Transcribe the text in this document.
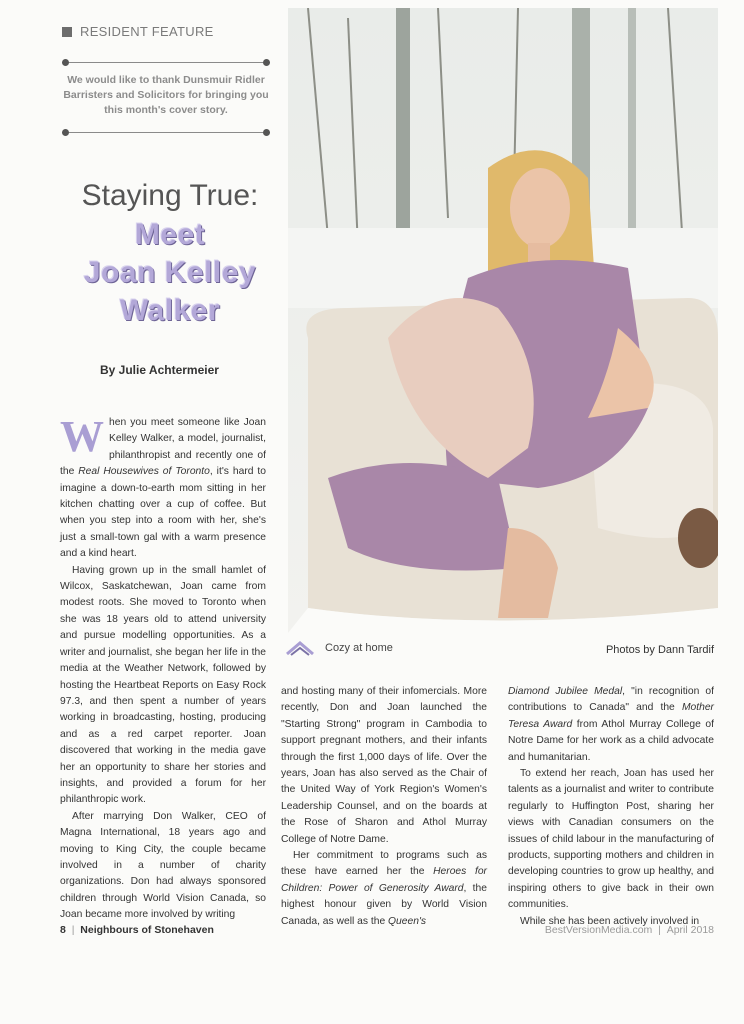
RESIDENT FEATURE
We would like to thank Dunsmuir Ridler Barristers and Solicitors for bringing you this month's cover story.
Staying True:
Meet
Joan Kelley
Walker
By Julie Achtermeier

When you meet someone like Joan Kelley Walker, a model, journalist, philanthropist and recently one of the Real Housewives of Toronto, it's hard to imagine a down-to-earth mom sitting in her kitchen chatting over a cup of coffee. But when you step into a room with her, she's just a small-town gal with a warm presence and a kind heart.

Having grown up in the small hamlet of Wilcox, Saskatchewan, Joan came from modest roots. She moved to Toronto when she was 18 years old to attend university and pursue modelling opportunities. As a writer and journalist, she began her life in the media at the Weather Network, followed by hosting the Heartbeat Reports on Easy Rock 97.3, and then spent a number of years working in broadcasting, hosting, producing and as a red carpet reporter. Joan discovered that working in the media gave her an opportunity to share her stories and insights, and provided a forum for her philanthropic work.

After marrying Don Walker, CEO of Magna International, 18 years ago and moving to King City, the couple became involved in a number of charity organizations. Don had always sponsored children through World Vision Canada, so Joan became more involved by writing

Cozy at home	Photos by Dann Tardif

and hosting many of their infomercials. More recently, Don and Joan launched the "Starting Strong" program in Cambodia to support pregnant mothers, and their infants through the first 1,000 days of life. Over the years, Joan has also served as the Chair of the United Way of York Region's Women's Leadership Counsel, and on the boards at the Rose of Sharon and Athol Murray College of Notre Dame.

Her commitment to programs such as these have earned her the Heroes for Children: Power of Generosity Award, the highest honour given by World Vision Canada, as well as the Queen's

Diamond Jubilee Medal, "in recognition of contributions to Canada" and the Mother Teresa Award from Athol Murray College of Notre Dame for her work as a child advocate and humanitarian.

To extend her reach, Joan has used her talents as a journalist and writer to contribute regularly to Huffington Post, sharing her views with Canadian consumers on the issues of child labour in the manufacturing of products, supporting mothers and children in developing countries to grow up healthy, and inspiring others to give back in their own communities.

While she has been actively involved in

8 | Neighbours of Stonehaven	BestVersionMedia.com | April 2018
